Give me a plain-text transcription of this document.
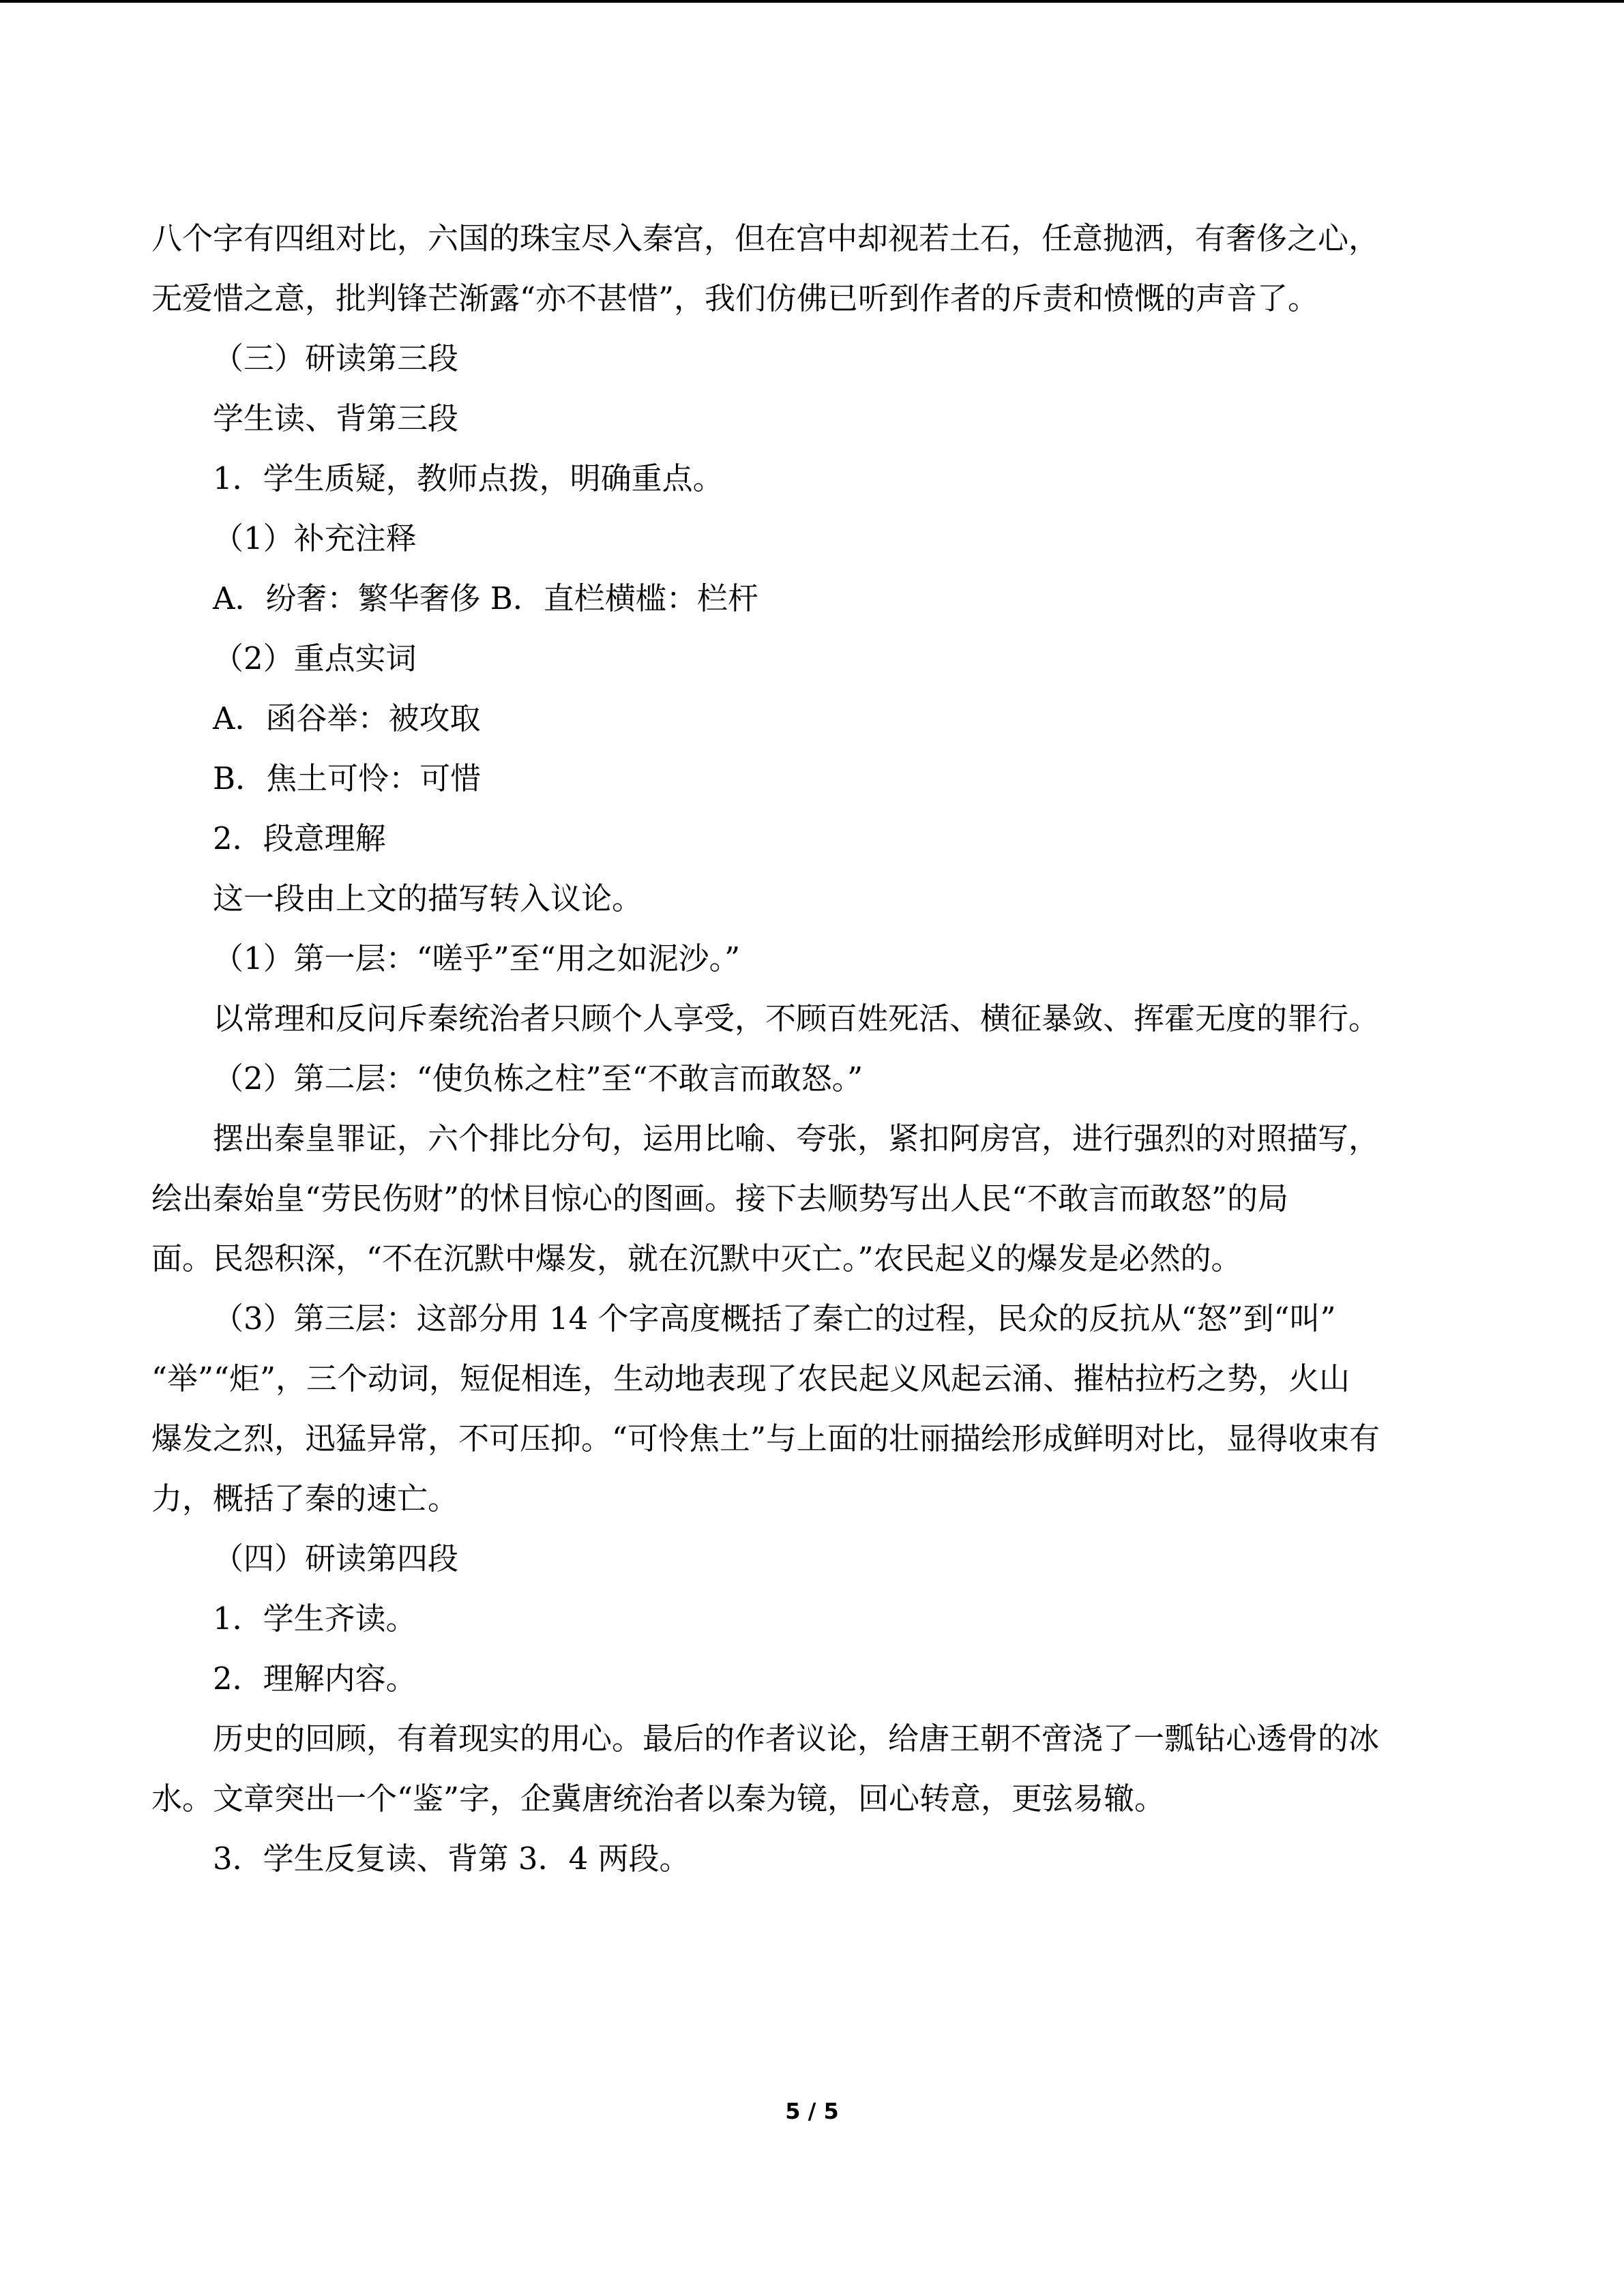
八个字有四组对比，六国的珠宝尽入秦宫，但在宫中却视若土石，任意抛洒，有奢侈之心，

无爱惜之意，批判锋芒渐露“亦不甚惜”，我们仿佛已听到作者的斥责和愤慨的声音了。

（三）研读第三段

学生读、背第三段

1．学生质疑，教师点拨，明确重点。

（1）补充注释

A．纷奢：繁华奢侈 B．直栏横槛：栏杆

（2）重点实词

A．函谷举：被攻取

B．焦土可怜：可惜

2．段意理解

这一段由上文的描写转入议论。

（1）第一层：“嗟乎”至“用之如泥沙。”

以常理和反问斥秦统治者只顾个人享受，不顾百姓死活、横征暴敛、挥霍无度的罪行。

（2）第二层：“使负栋之柱”至“不敢言而敢怒。”

摆出秦皇罪证，六个排比分句，运用比喻、夸张，紧扣阿房宫，进行强烈的对照描写，

绘出秦始皇“劳民伤财”的怵目惊心的图画。接下去顺势写出人民“不敢言而敢怒”的局

面。民怨积深，“不在沉默中爆发，就在沉默中灭亡。”农民起义的爆发是必然的。

（3）第三层：这部分用 14 个字高度概括了秦亡的过程，民众的反抗从“怒”到“叫”

“举”“炬”，三个动词，短促相连，生动地表现了农民起义风起云涌、摧枯拉朽之势，火山

爆发之烈，迅猛异常，不可压抑。“可怜焦土”与上面的壮丽描绘形成鲜明对比，显得收束有

力，概括了秦的速亡。

（四）研读第四段

1．学生齐读。

2．理解内容。

历史的回顾，有着现实的用心。最后的作者议论，给唐王朝不啻浇了一瓢钻心透骨的冰

水。文章突出一个“鉴”字，企冀唐统治者以秦为镜，回心转意，更弦易辙。

3．学生反复读、背第 3．4 两段。

5 / 5
